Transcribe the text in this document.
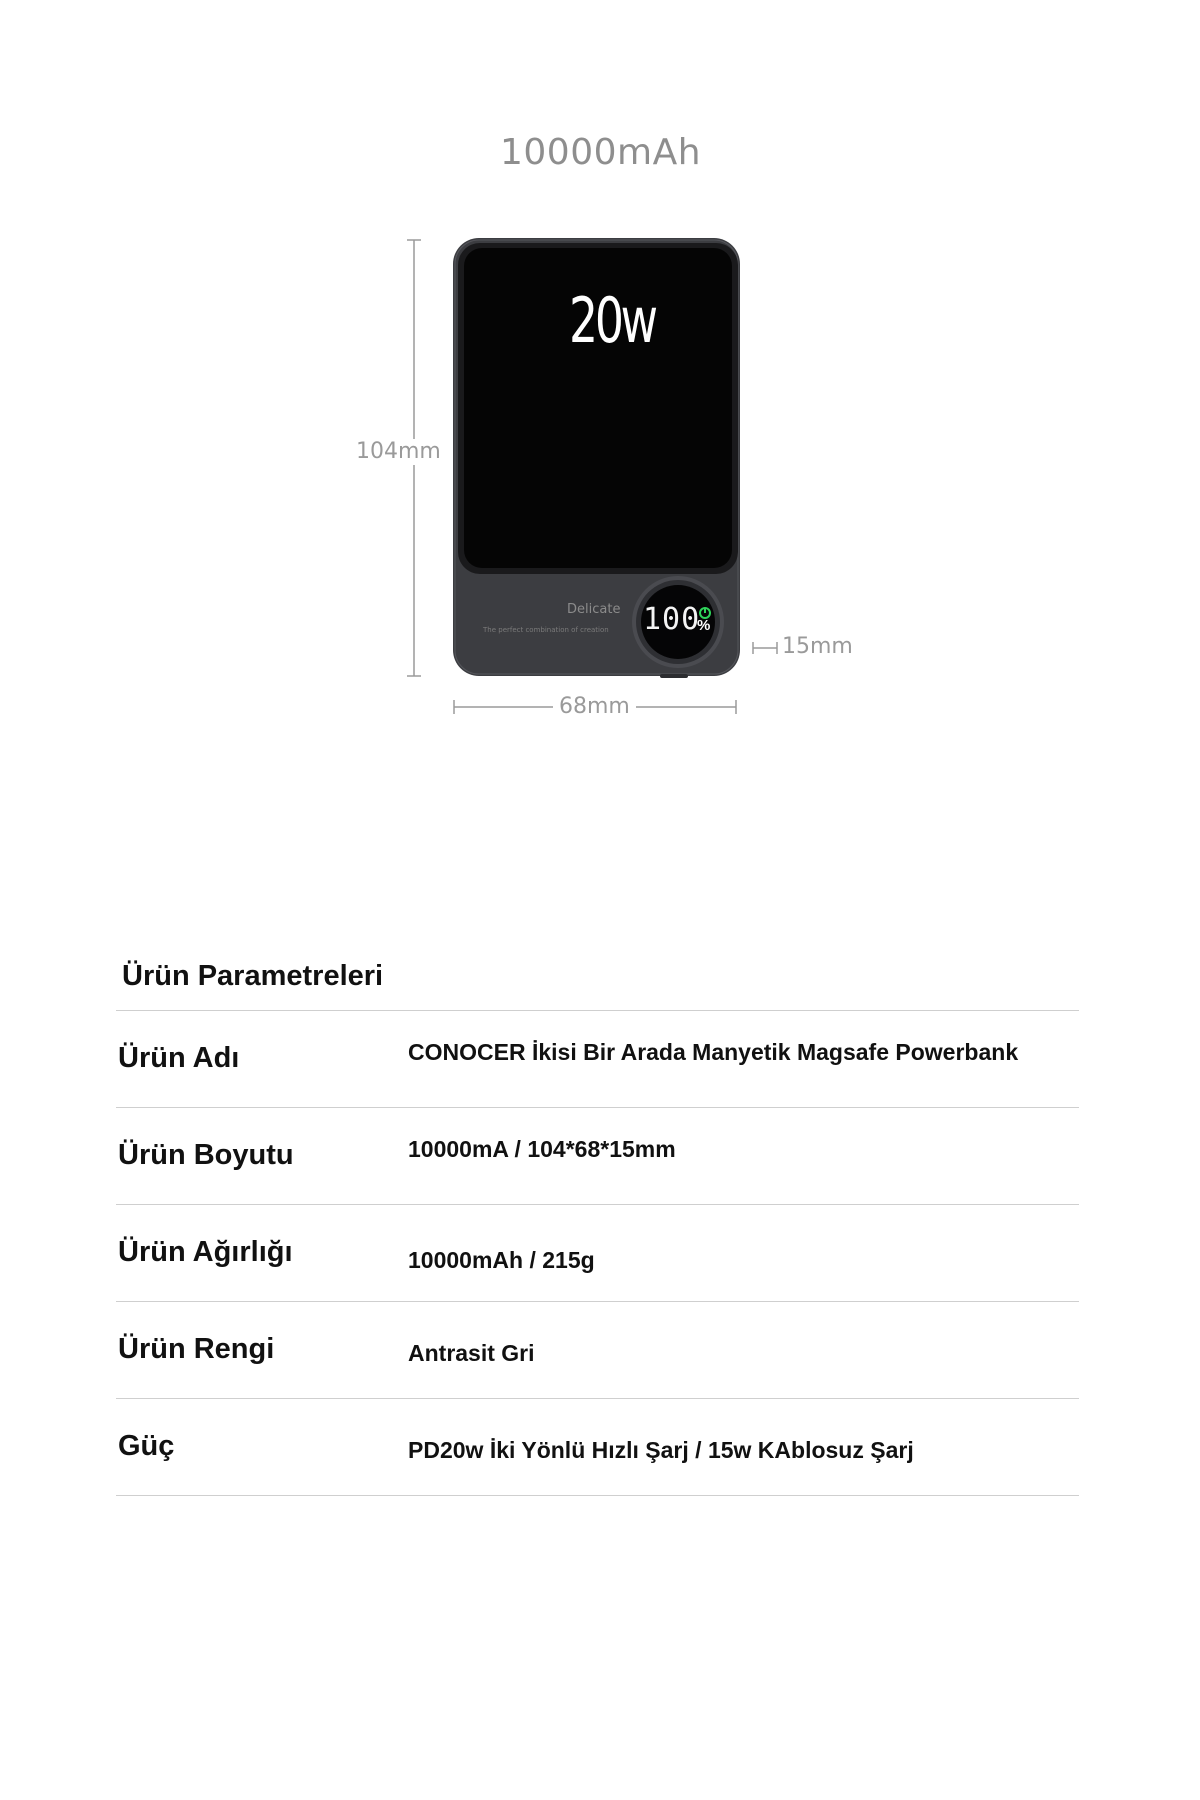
10000mAh
104mm
68mm
15mm
20w
Delicate
The perfect combination of creation 100
%
Ürün Parametreleri
Ürün Adı	CONOCER İkisi Bir Arada Manyetik Magsafe Powerbank
Ürün Boyutu	10000mA / 104*68*15mm
Ürün Ağırlığı	10000mAh / 215g
Ürün Rengi	Antrasit Gri
Güç	PD20w İki Yönlü Hızlı Şarj / 15w KAblosuz Şarj
